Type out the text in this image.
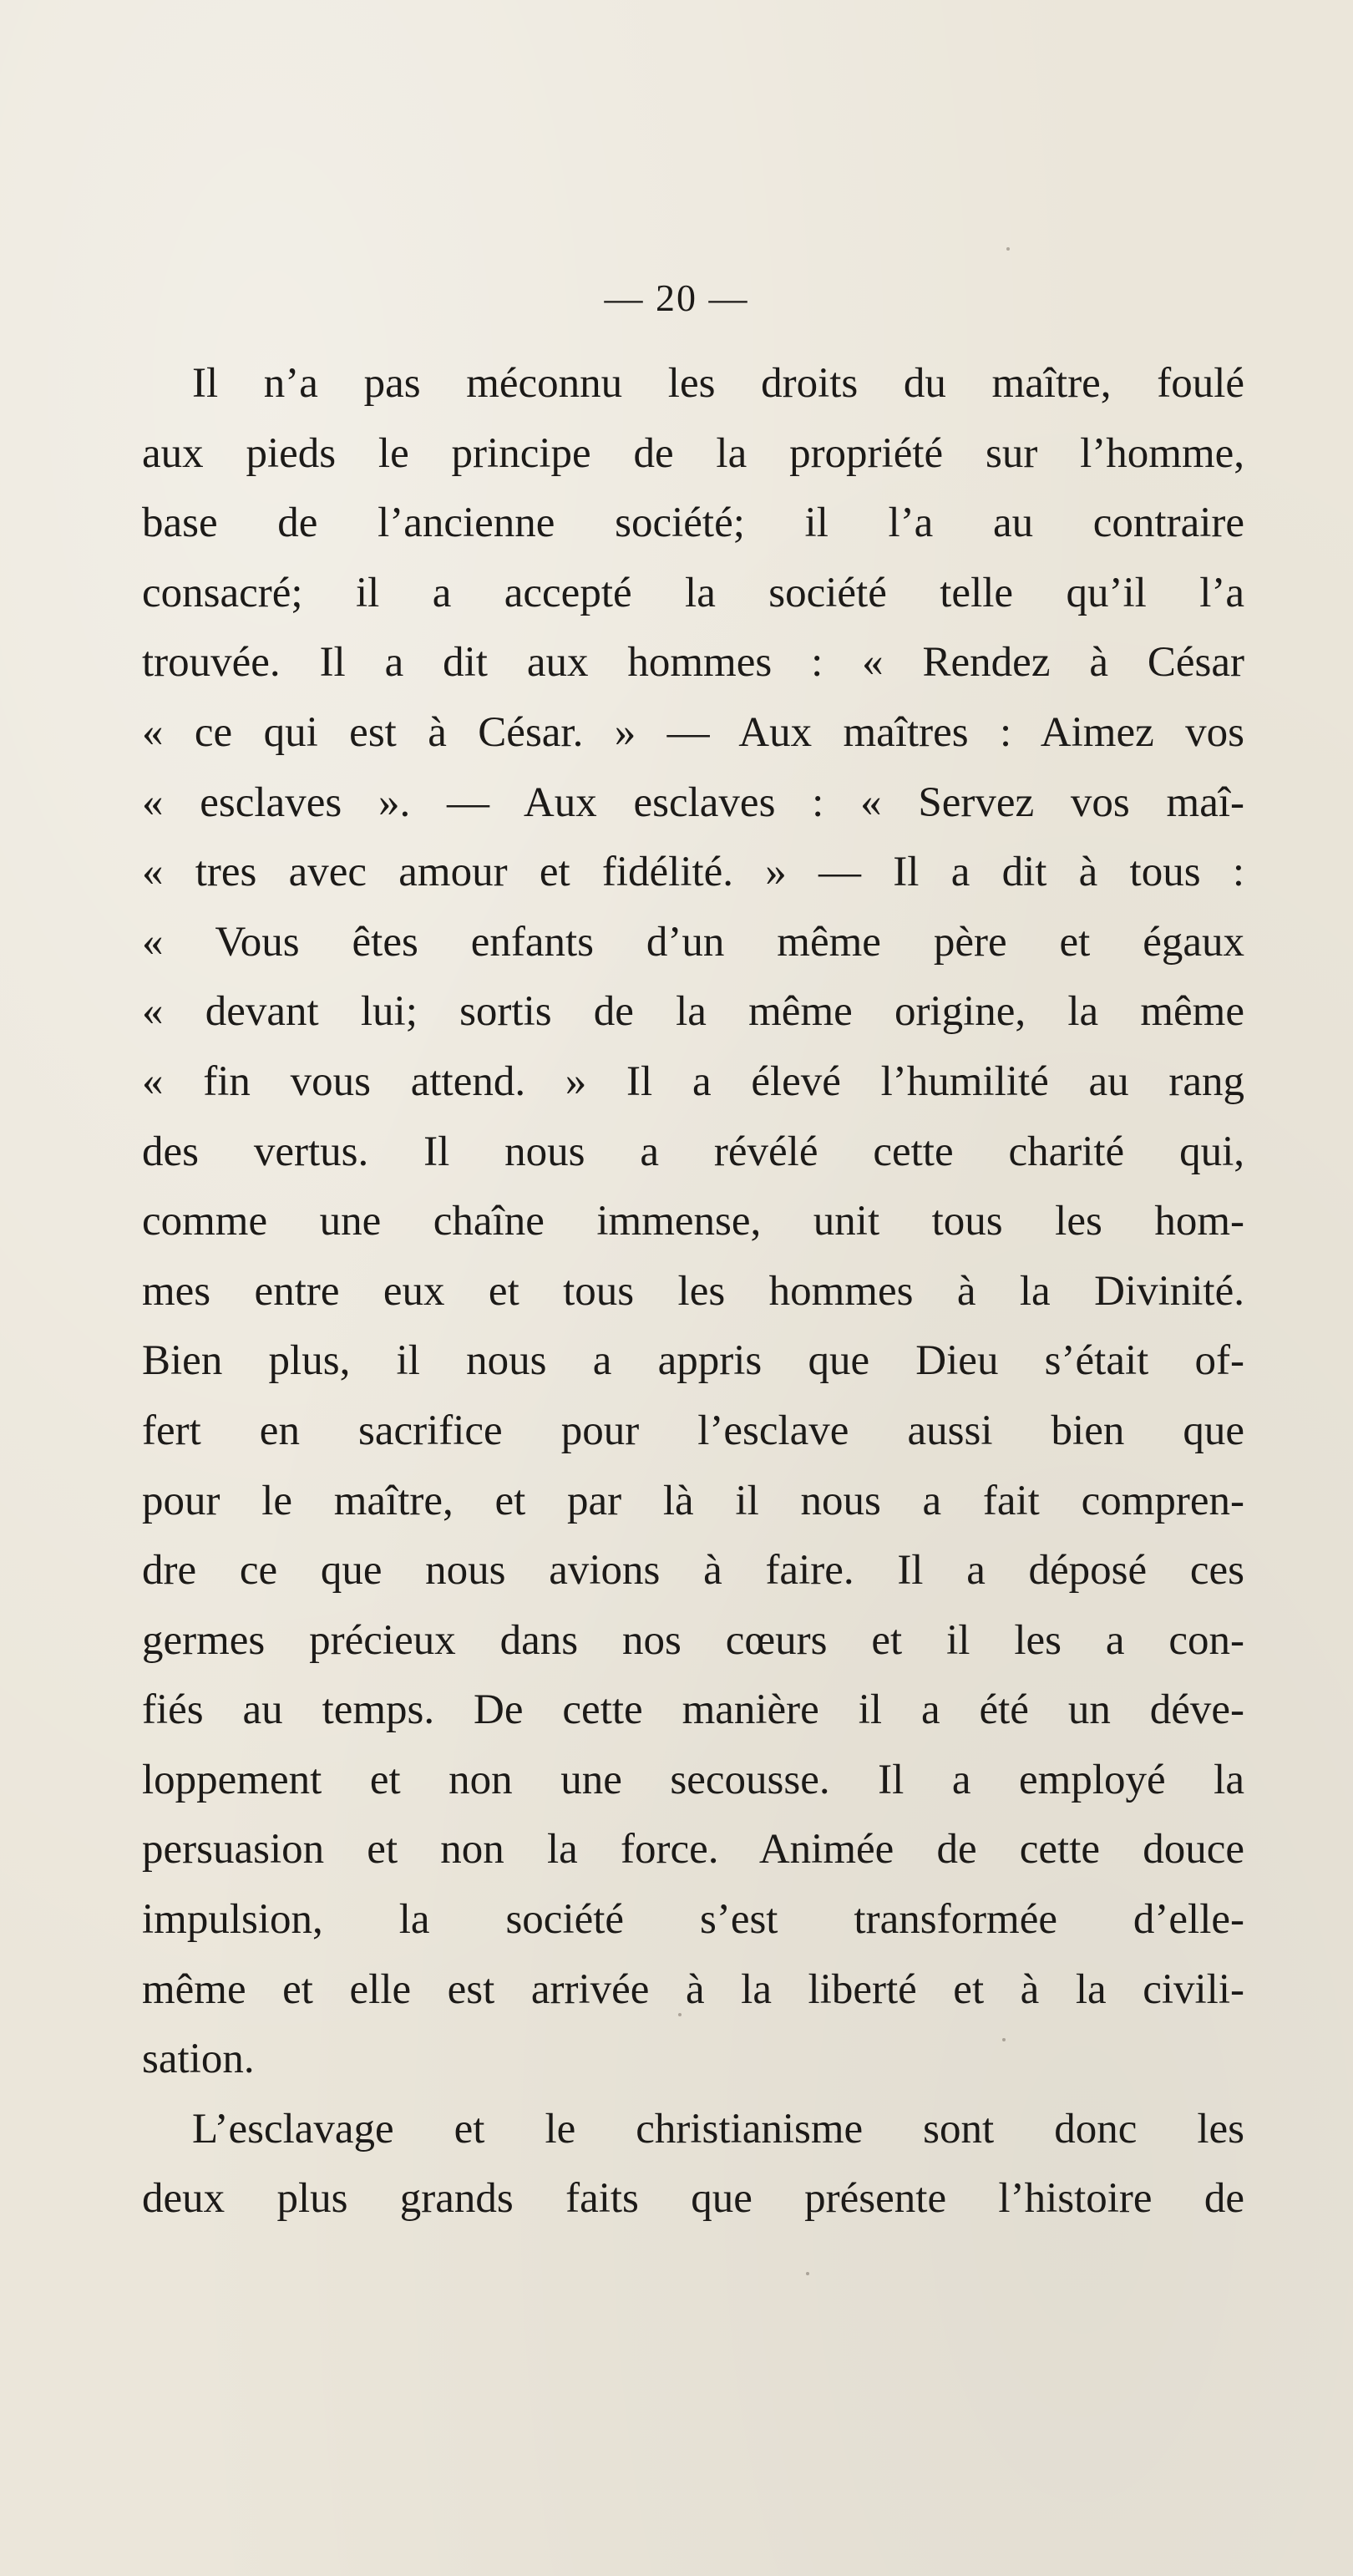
— 20 —

Il n’a pas méconnu les droits du maître, foulé
aux pieds le principe de la propriété sur l’homme,
base de l’ancienne société; il l’a au contraire
consacré; il a accepté la société telle qu’il l’a
trouvée. Il a dit aux hommes : « Rendez à César
« ce qui est à César. » — Aux maîtres : Aimez vos
« esclaves ». — Aux esclaves : « Servez vos maî-
« tres avec amour et fidélité. » — Il a dit à tous :
« Vous êtes enfants d’un même père et égaux
« devant lui; sortis de la même origine, la même
« fin vous attend. » Il a élevé l’humilité au rang
des vertus. Il nous a révélé cette charité qui,
comme une chaîne immense, unit tous les hom-
mes entre eux et tous les hommes à la Divinité.
Bien plus, il nous a appris que Dieu s’était of-
fert en sacrifice pour l’esclave aussi bien que
pour le maître, et par là il nous a fait compren-
dre ce que nous avions à faire. Il a déposé ces
germes précieux dans nos cœurs et il les a con-
fiés au temps. De cette manière il a été un déve-
loppement et non une secousse. Il a employé la
persuasion et non la force. Animée de cette douce
impulsion, la société s’est transformée d’elle-
même et elle est arrivée à la liberté et à la civili-
sation.
L’esclavage et le christianisme sont donc les
deux plus grands faits que présente l’histoire de
